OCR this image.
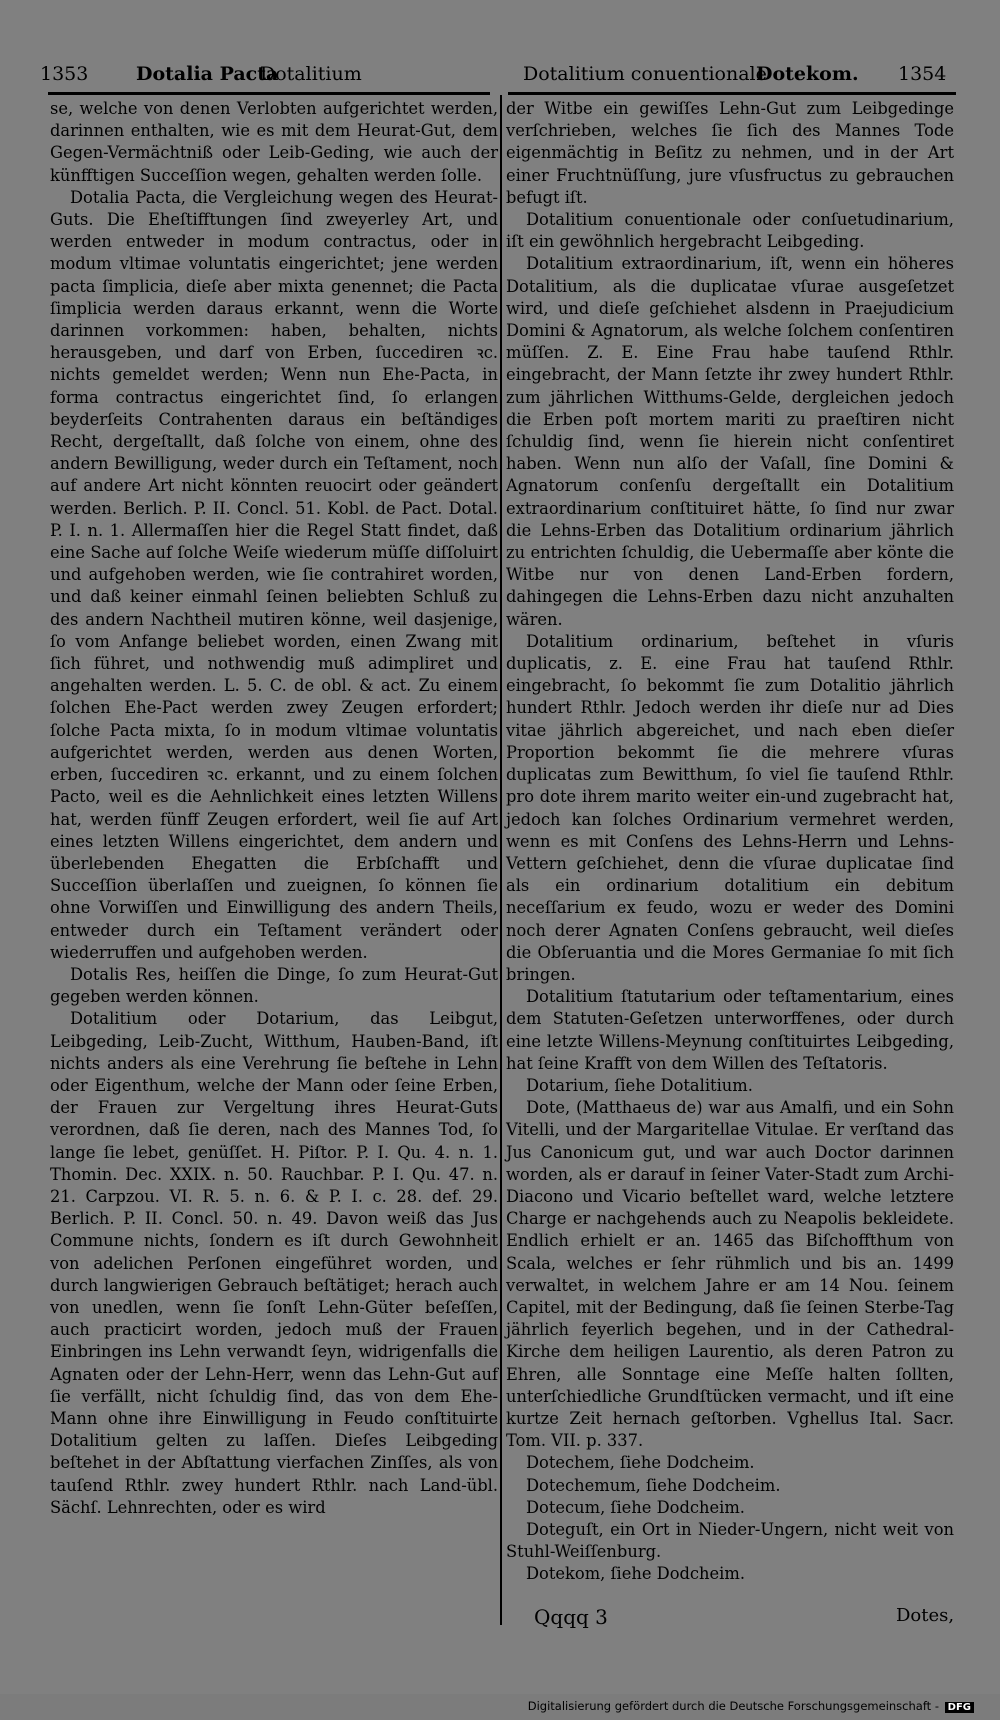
1353	Dotalia Pacta
Dotalitium	Dotalitium conuentionale
Dotekom. 1354

se, welche von denen Verlobten aufgerichtet werden, darinnen enthalten, wie es mit dem Heurat-Gut, dem Gegen-Vermächtniß oder Leib-Geding, wie auch der künfftigen Succeſſion wegen, gehalten werden ſolle.

Dotalia Pacta, die Vergleichung wegen des Heurat-Guts. Die Eheſtifftungen ſind zweyerley Art, und werden entweder in modum contractus, oder in modum vltimae voluntatis eingerichtet; jene werden pacta ſimplicia, dieſe aber mixta genennet; die Pacta ſimplicia werden daraus erkannt, wenn die Worte darinnen vorkommen: haben, behalten, nichts herausgeben, und darf von Erben, ſuccediren ꝛc. nichts gemeldet werden; Wenn nun Ehe-Pacta, in forma contractus eingerichtet ſind, ſo erlangen beyderſeits Contrahenten daraus ein beſtändiges Recht, dergeſtallt, daß ſolche von einem, ohne des andern Bewilligung, weder durch ein Teſtament, noch auf andere Art nicht könnten reuocirt oder geändert werden. Berlich. P. II. Concl. 51. Kobl. de Pact. Dotal. P. I. n. 1. Allermaſſen hier die Regel Statt findet, daß eine Sache auf ſolche Weiſe wiederum müſſe diſſoluirt und aufgehoben werden, wie ſie contrahiret worden, und daß keiner einmahl ſeinen beliebten Schluß zu des andern Nachtheil mutiren könne, weil dasjenige, ſo vom Anfange beliebet worden, einen Zwang mit ſich führet, und nothwendig muß adimpliret und angehalten werden. L. 5. C. de obl. & act. Zu einem ſolchen Ehe-Pact werden zwey Zeugen erfordert; ſolche Pacta mixta, ſo in modum vltimae voluntatis aufgerichtet werden, werden aus denen Worten, erben, ſuccediren ꝛc. erkannt, und zu einem ſolchen Pacto, weil es die Aehnlichkeit eines letzten Willens hat, werden fünff Zeugen erfordert, weil ſie auf Art eines letzten Willens eingerichtet, dem andern und überlebenden Ehegatten die Erbſchafft und Succeſſion überlaſſen und zueignen, ſo können ſie ohne Vorwiſſen und Einwilligung des andern Theils, entweder durch ein Teſtament verändert oder wiederruffen und aufgehoben werden.

Dotalis Res, heiſſen die Dinge, ſo zum Heurat-Gut gegeben werden können.

Dotalitium oder Dotarium, das Leibgut, Leibgeding, Leib-Zucht, Witthum, Hauben-Band, iſt nichts anders als eine Verehrung ſie beſtehe in Lehn oder Eigenthum, welche der Mann oder ſeine Erben, der Frauen zur Vergeltung ihres Heurat-Guts verordnen, daß ſie deren, nach des Mannes Tod, ſo lange ſie lebet, genüſſet. H. Piſtor. P. I. Qu. 4. n. 1. Thomin. Dec. XXIX. n. 50. Rauchbar. P. I. Qu. 47. n. 21. Carpzou. VI. R. 5. n. 6. & P. I. c. 28. def. 29. Berlich. P. II. Concl. 50. n. 49. Davon weiß das Jus Commune nichts, ſondern es iſt durch Gewohnheit von adelichen Perſonen eingeführet worden, und durch langwierigen Gebrauch beſtätiget; herach auch von unedlen, wenn ſie ſonſt Lehn-Güter beſeſſen, auch practicirt worden, jedoch muß der Frauen Einbringen ins Lehn verwandt ſeyn, widrigenfalls die Agnaten oder der Lehn-Herr, wenn das Lehn-Gut auf ſie verfällt, nicht ſchuldig ſind, das von dem Ehe-Mann ohne ihre Einwilligung in Feudo conſtituirte Dotalitium gelten zu laſſen. Dieſes Leibgeding beſtehet in der Abſtattung vierfachen Zinſſes, als von tauſend Rthlr. zwey hundert Rthlr. nach Land-übl. Sächſ. Lehnrechten, oder es wird

der Witbe ein gewiſſes Lehn-Gut zum Leibgedinge verſchrieben, welches ſie ſich des Mannes Tode eigenmächtig in Beſitz zu nehmen, und in der Art einer Fruchtnüſſung, jure vſusfructus zu gebrauchen befugt iſt.

Dotalitium conuentionale oder conſuetudinarium, iſt ein gewöhnlich hergebracht Leibgeding.

Dotalitium extraordinarium, iſt, wenn ein höheres Dotalitium, als die duplicatae vſurae ausgeſetzet wird, und dieſe geſchiehet alsdenn in Praejudicium Domini & Agnatorum, als welche ſolchem conſentiren müſſen. Z. E. Eine Frau habe tauſend Rthlr. eingebracht, der Mann ſetzte ihr zwey hundert Rthlr. zum jährlichen Witthums-Gelde, dergleichen jedoch die Erben poſt mortem mariti zu praeſtiren nicht ſchuldig ſind, wenn ſie hierein nicht conſentiret haben. Wenn nun alſo der Vaſall, ſine Domini & Agnatorum conſenſu dergeſtallt ein Dotalitium extraordinarium conſtituiret hätte, ſo ſind nur zwar die Lehns-Erben das Dotalitium ordinarium jährlich zu entrichten ſchuldig, die Uebermaſſe aber könte die Witbe nur von denen Land-Erben fordern, dahingegen die Lehns-Erben dazu nicht anzuhalten wären.

Dotalitium ordinarium, beſtehet in vſuris duplicatis, z. E. eine Frau hat tauſend Rthlr. eingebracht, ſo bekommt ſie zum Dotalitio jährlich hundert Rthlr. Jedoch werden ihr dieſe nur ad Dies vitae jährlich abgereichet, und nach eben dieſer Proportion bekommt ſie die mehrere vſuras duplicatas zum Bewitthum, ſo viel ſie tauſend Rthlr. pro dote ihrem marito weiter ein-und zugebracht hat, jedoch kan ſolches Ordinarium vermehret werden, wenn es mit Conſens des Lehns-Herrn und Lehns-Vettern geſchiehet, denn die vſurae duplicatae ſind als ein ordinarium dotalitium ein debitum neceſſarium ex feudo, wozu er weder des Domini noch derer Agnaten Conſens gebraucht, weil dieſes die Obſeruantia und die Mores Germaniae ſo mit ſich bringen.

Dotalitium ſtatutarium oder teſtamentarium, eines dem Statuten-Geſetzen unterworffenes, oder durch eine letzte Willens-Meynung conſtituirtes Leibgeding, hat ſeine Krafft von dem Willen des Teſtatoris.

Dotarium, ſiehe Dotalitium.

Dote, (Matthaeus de) war aus Amalfi, und ein Sohn Vitelli, und der Margaritellae Vitulae. Er verſtand das Jus Canonicum gut, und war auch Doctor darinnen worden, als er darauf in ſeiner Vater-Stadt zum Archi-Diacono und Vicario beſtellet ward, welche letztere Charge er nachgehends auch zu Neapolis bekleidete. Endlich erhielt er an. 1465 das Biſchoffthum von Scala, welches er ſehr rühmlich und bis an. 1499 verwaltet, in welchem Jahre er am 14 Nou. ſeinem Capitel, mit der Bedingung, daß ſie ſeinen Sterbe-Tag jährlich feyerlich begehen, und in der Cathedral-Kirche dem heiligen Laurentio, als deren Patron zu Ehren, alle Sonntage eine Meſſe halten ſollten, unterſchiedliche Grundſtücken vermacht, und iſt eine kurtze Zeit hernach geſtorben. Vghellus Ital. Sacr. Tom. VII. p. 337.

Dotechem, ſiehe Dodcheim.

Dotechemum, ſiehe Dodcheim.

Dotecum, ſiehe Dodcheim.

Doteguſt, ein Ort in Nieder-Ungern, nicht weit von Stuhl-Weiſſenburg.

Dotekom, ſiehe Dodcheim.

Qqqq 3	Dotes,
Digitalisierung gefördert durch die Deutsche Forschungsgemeinschaft - DFG
